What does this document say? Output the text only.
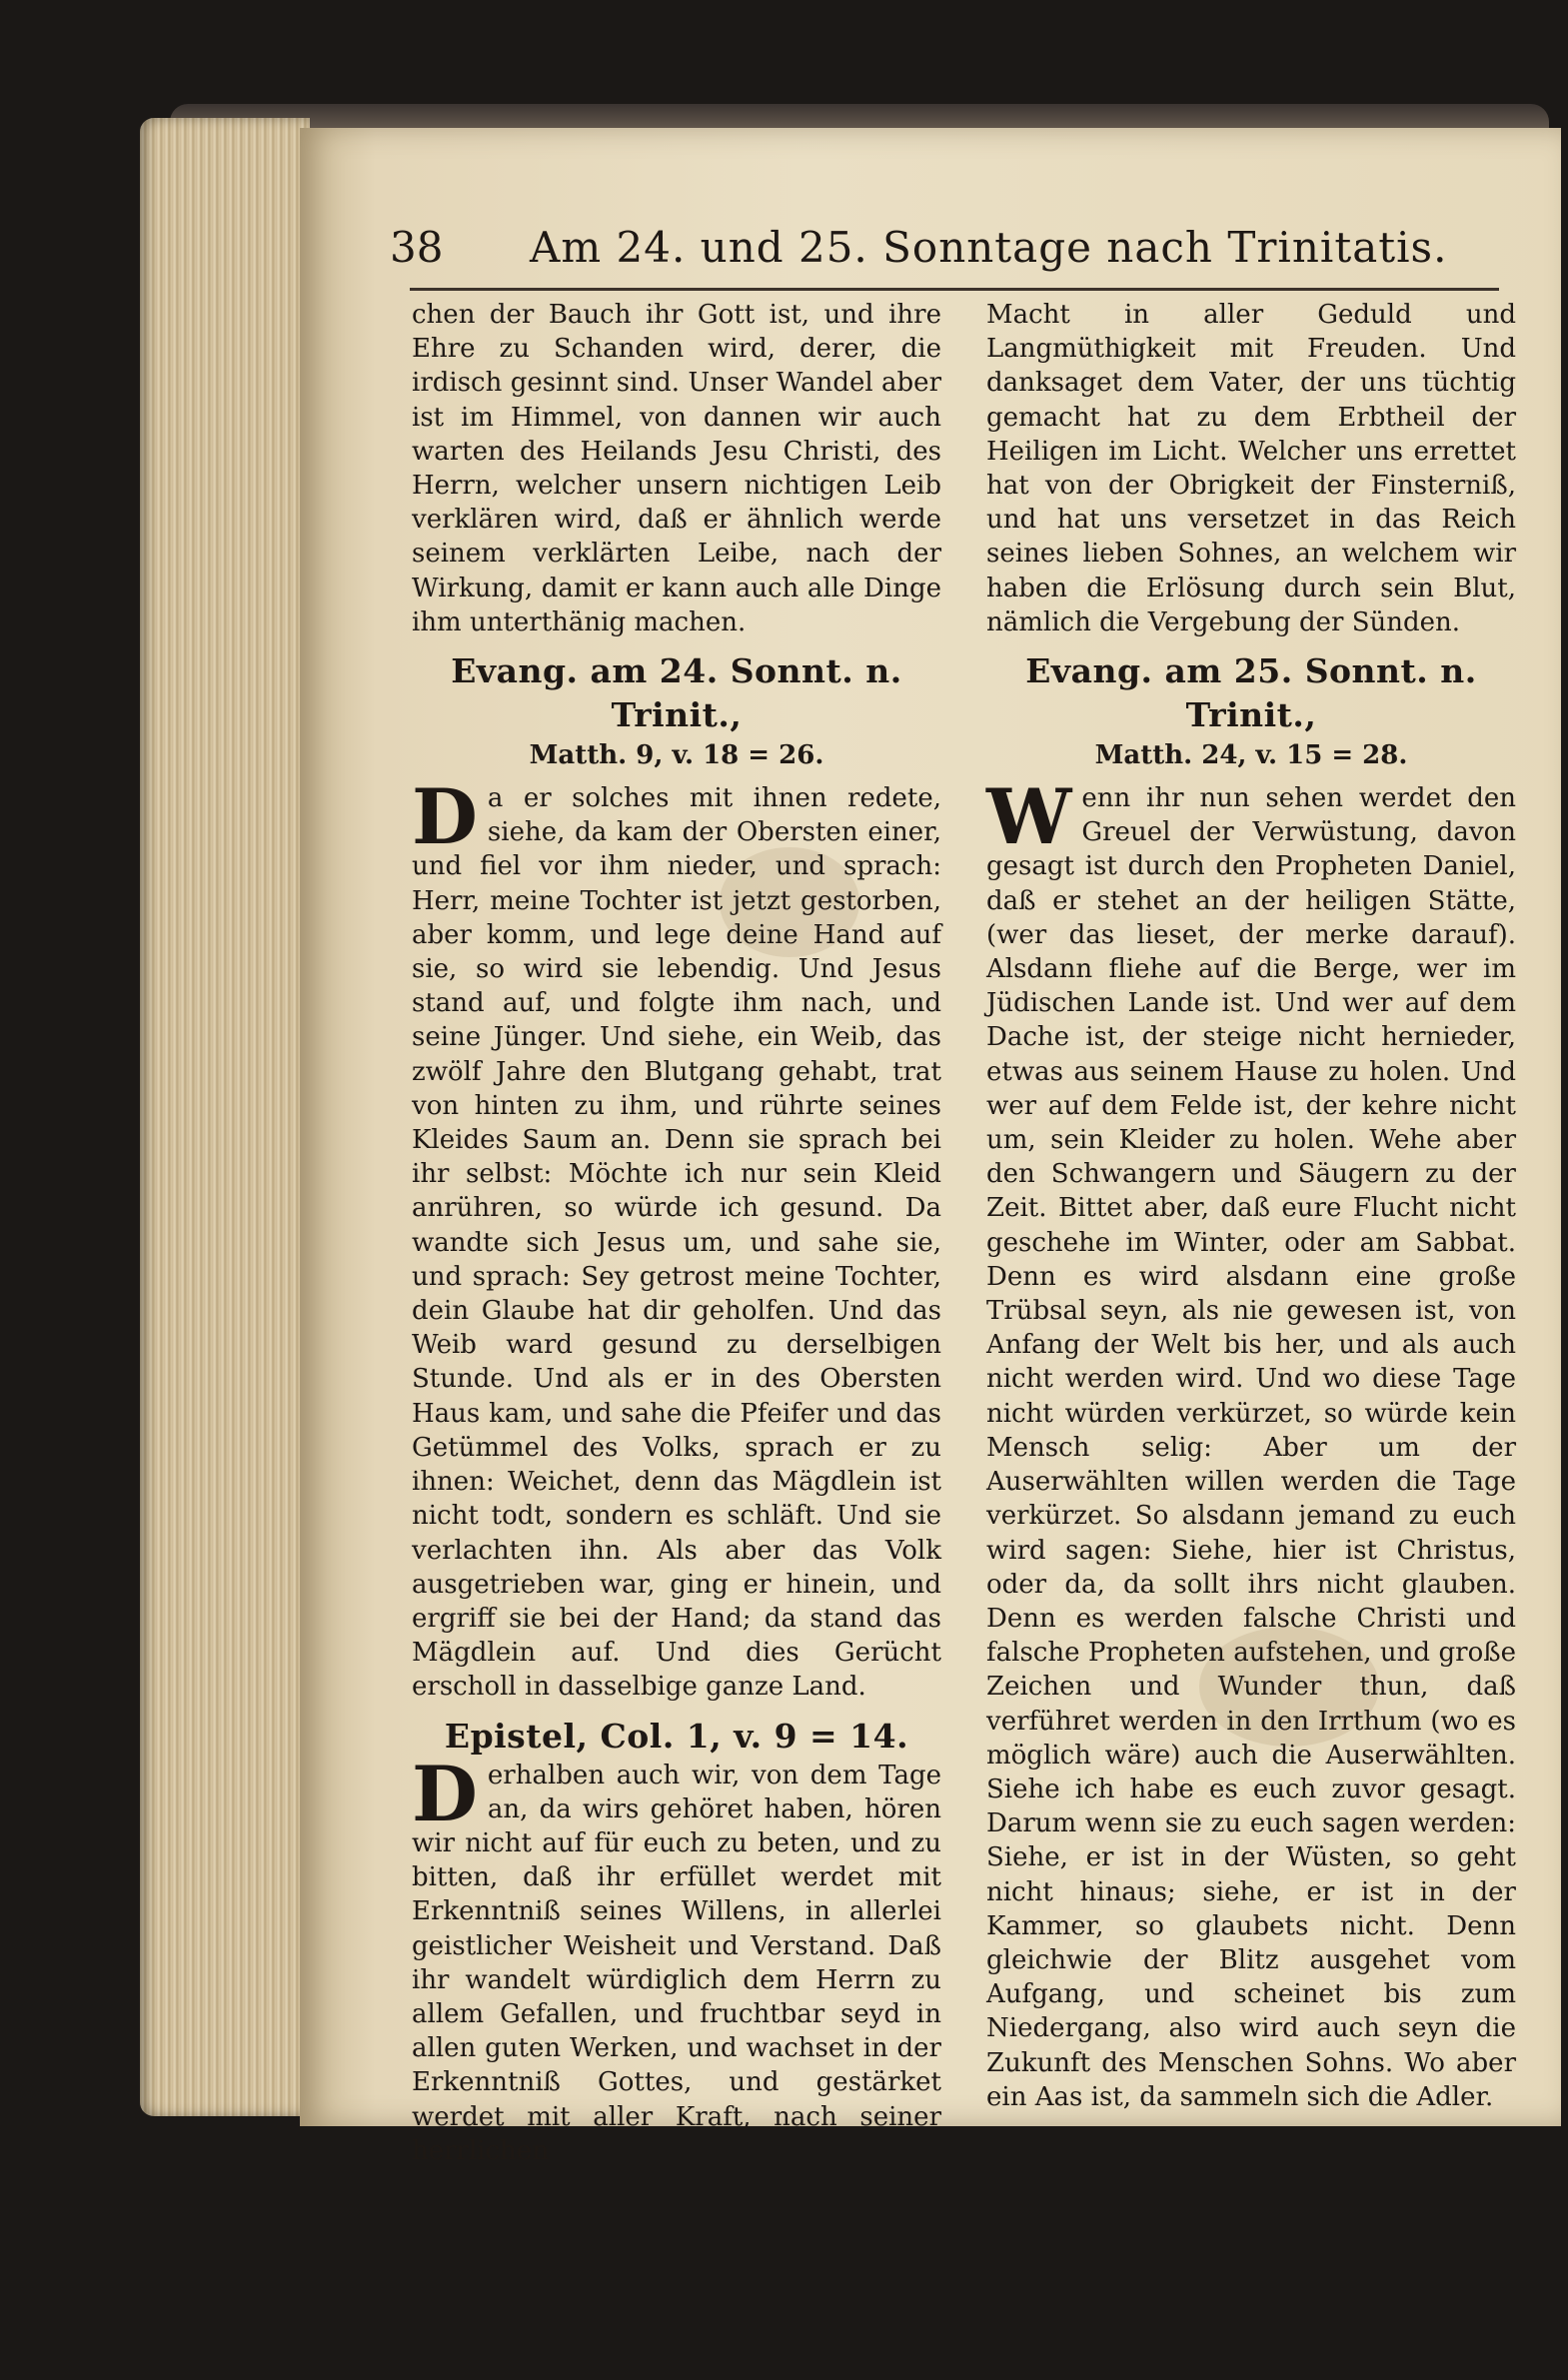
38 Am 24. und 25. Sonntage nach Trinitatis.

chen der Bauch ihr Gott ist, und ihre Ehre zu Schanden wird, derer, die irdisch gesinnt sind. Unser Wandel aber ist im Himmel, von dannen wir auch warten des Heilands Jesu Christi, des Herrn, welcher unsern nichtigen Leib verklären wird, daß er ähnlich werde seinem verklärten Leibe, nach der Wirkung, damit er kann auch alle Dinge ihm unterthänig machen.

Evang. am 24. Sonnt. n. Trinit.,
Matth. 9, v. 18 = 26.

Da er solches mit ihnen redete, siehe, da kam der Obersten einer, und fiel vor ihm nieder, und sprach: Herr, meine Tochter ist jetzt gestorben, aber komm, und lege deine Hand auf sie, so wird sie lebendig. Und Jesus stand auf, und folgte ihm nach, und seine Jünger. Und siehe, ein Weib, das zwölf Jahre den Blutgang gehabt, trat von hinten zu ihm, und rührte seines Kleides Saum an. Denn sie sprach bei ihr selbst: Möchte ich nur sein Kleid anrühren, so würde ich gesund. Da wandte sich Jesus um, und sahe sie, und sprach: Sey getrost meine Tochter, dein Glaube hat dir geholfen. Und das Weib ward gesund zu derselbigen Stunde. Und als er in des Obersten Haus kam, und sahe die Pfeifer und das Getümmel des Volks, sprach er zu ihnen: Weichet, denn das Mägdlein ist nicht todt, sondern es schläft. Und sie verlachten ihn. Als aber das Volk ausgetrieben war, ging er hinein, und ergriff sie bei der Hand; da stand das Mägdlein auf. Und dies Gerücht erscholl in dasselbige ganze Land.

Epistel, Col. 1, v. 9 = 14.

Derhalben auch wir, von dem Tage an, da wirs gehöret haben, hören wir nicht auf für euch zu beten, und zu bitten, daß ihr erfüllet werdet mit Erkenntniß seines Willens, in allerlei geistlicher Weisheit und Verstand. Daß ihr wandelt würdiglich dem Herrn zu allem Gefallen, und fruchtbar seyd in allen guten Werken, und wachset in der Erkenntniß Gottes, und gestärket werdet mit aller Kraft, nach seiner herrlichen

Macht in aller Geduld und Langmüthigkeit mit Freuden. Und danksaget dem Vater, der uns tüchtig gemacht hat zu dem Erbtheil der Heiligen im Licht. Welcher uns errettet hat von der Obrigkeit der Finsterniß, und hat uns versetzet in das Reich seines lieben Sohnes, an welchem wir haben die Erlösung durch sein Blut, nämlich die Vergebung der Sünden.

Evang. am 25. Sonnt. n. Trinit.,
Matth. 24, v. 15 = 28.

Wenn ihr nun sehen werdet den Greuel der Verwüstung, davon gesagt ist durch den Propheten Daniel, daß er stehet an der heiligen Stätte, (wer das lieset, der merke darauf). Alsdann fliehe auf die Berge, wer im Jüdischen Lande ist. Und wer auf dem Dache ist, der steige nicht hernieder, etwas aus seinem Hause zu holen. Und wer auf dem Felde ist, der kehre nicht um, sein Kleider zu holen. Wehe aber den Schwangern und Säugern zu der Zeit. Bittet aber, daß eure Flucht nicht geschehe im Winter, oder am Sabbat. Denn es wird alsdann eine große Trübsal seyn, als nie gewesen ist, von Anfang der Welt bis her, und als auch nicht werden wird. Und wo diese Tage nicht würden verkürzet, so würde kein Mensch selig: Aber um der Auserwählten willen werden die Tage verkürzet. So alsdann jemand zu euch wird sagen: Siehe, hier ist Christus, oder da, da sollt ihrs nicht glauben. Denn es werden falsche Christi und falsche Propheten aufstehen, und große Zeichen und Wunder thun, daß verführet werden in den Irrthum (wo es möglich wäre) auch die Auserwählten. Siehe ich habe es euch zuvor gesagt. Darum wenn sie zu euch sagen werden: Siehe, er ist in der Wüsten, so geht nicht hinaus; siehe, er ist in der Kammer, so glaubets nicht. Denn gleichwie der Blitz ausgehet vom Aufgang, und scheinet bis zum Niedergang, also wird auch seyn die Zukunft des Menschen Sohns. Wo aber ein Aas ist, da sammeln sich die Adler.
